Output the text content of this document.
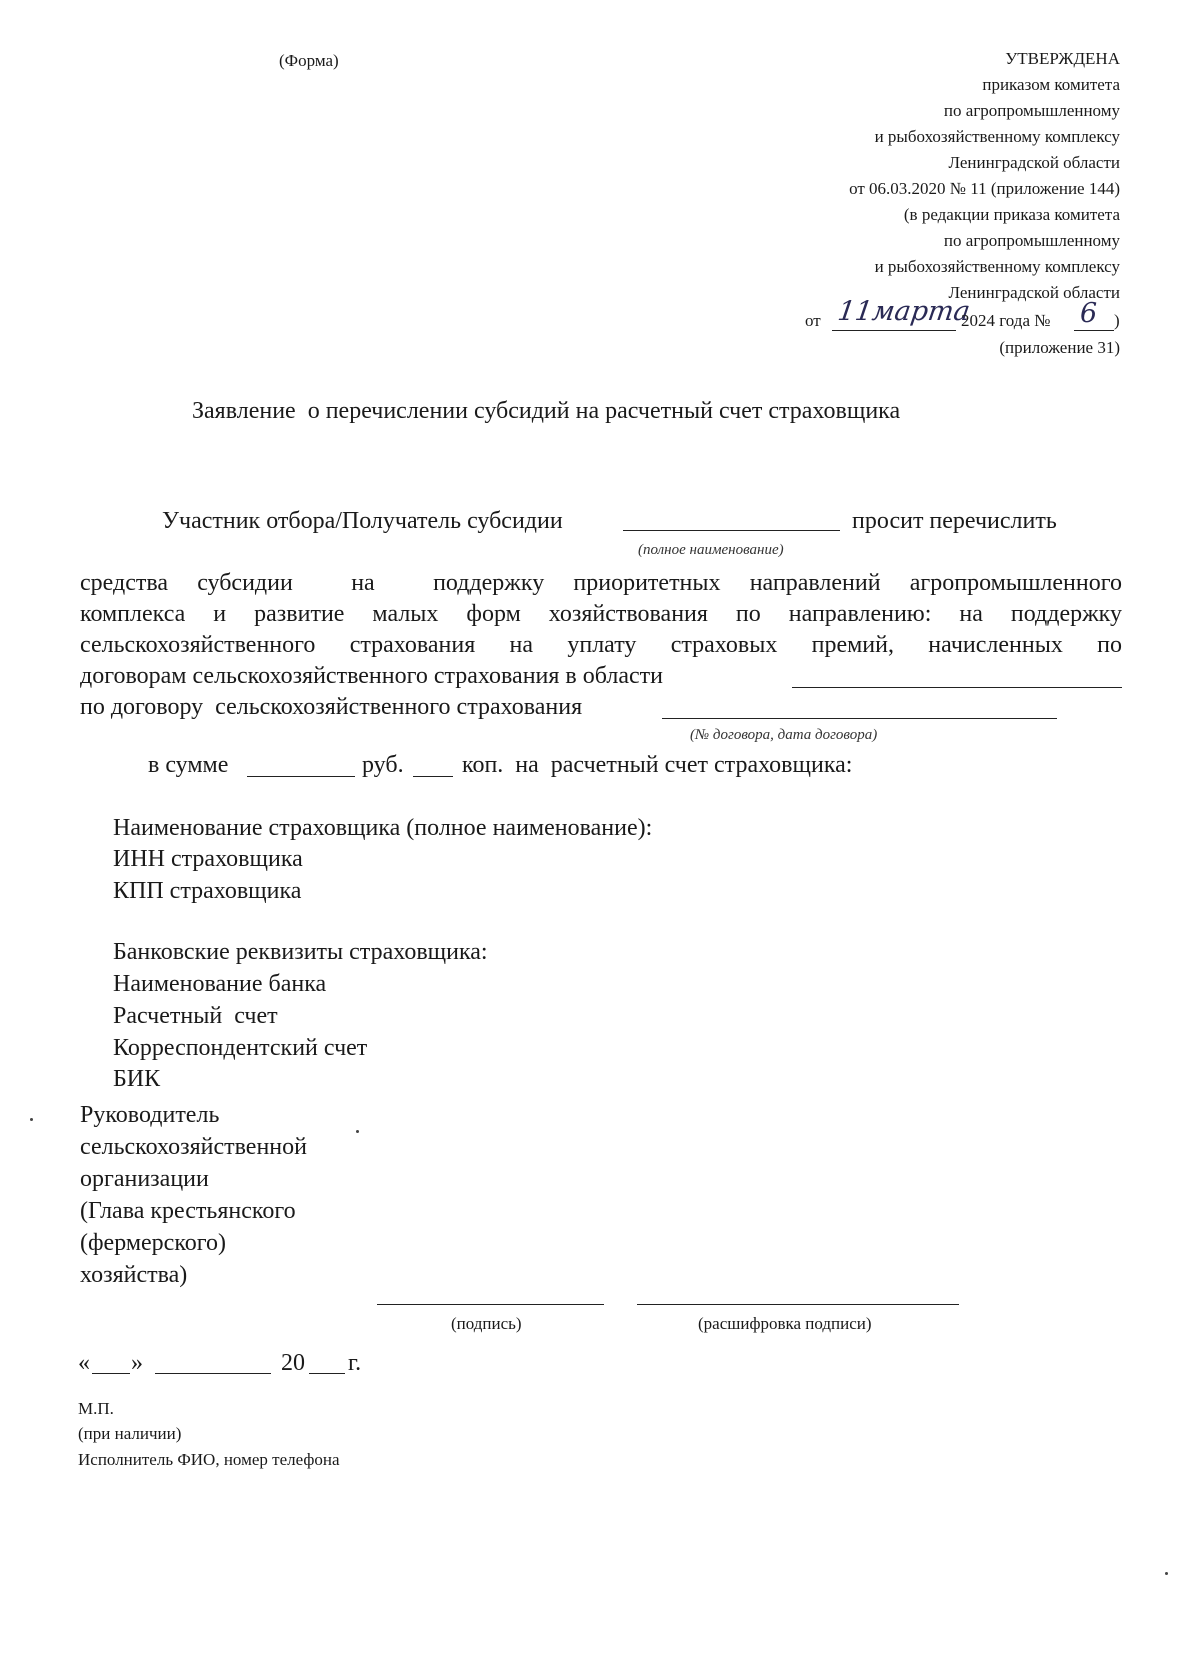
(Форма)	УТВЕРЖДЕНА
приказом комитета
по агропромышленному
и рыбохозяйственному комплексу
Ленинградской области
от 06.03.2020 № 11 (приложение 144)
(в редакции приказа комитета
по агропромышленному
и рыбохозяйственному комплексу
Ленинградской области
от 11марта
2024 года № 6 )
(приложение 31)
Заявление  о перечислении субсидий на расчетный счет страховщика
Участник отбора/Получатель субсидии	просит перечислить
(полное наименование)
средства субсидии  на  поддержку приоритетных направлений агропромышленного
комплекса и развитие малых форм хозяйствования по направлению: на поддержку
сельскохозяйственного страхования на уплату страховых премий, начисленных по
договорам сельскохозяйственного страхования в области
по договору  сельскохозяйственного страхования
(№ договора, дата договора)
в сумме	руб. коп.  на  расчетный счет страховщика:
Наименование страховщика (полное наименование):
ИНН страховщика
КПП страховщика
Банковские реквизиты страховщика:
Наименование банка
Расчетный  счет
Корреспондентский счет
БИК
Руководитель
сельскохозяйственной
организации
(Глава крестьянского
(фермерского)
хозяйства)
(подпись)	(расшифровка подписи)
« »	20 г.
М.П.
(при наличии)
Исполнитель ФИО, номер телефона
